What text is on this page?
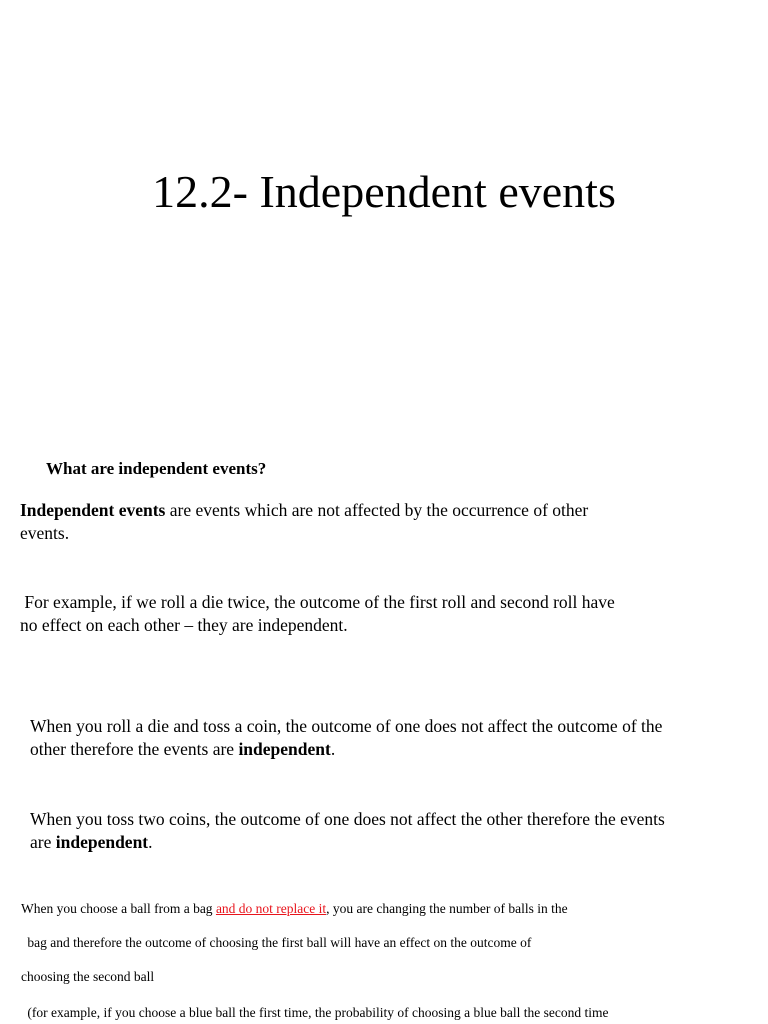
12.2- Independent events

What are independent events?

Independent events are events which are not affected by the occurrence of other
events.

For example, if we roll a die twice, the outcome of the first roll and second roll have
no effect on each other – they are independent.

When you roll a die and toss a coin, the outcome of one does not affect the outcome of the
other therefore the events are independent.

When you toss two coins, the outcome of one does not affect the other therefore the events
are independent.

When you choose a ball from a bag and do not replace it, you are changing the number of balls in the

bag and therefore the outcome of choosing the first ball will have an effect on the outcome of

choosing the second ball

(for example, if you choose a blue ball the first time, the probability of choosing a blue ball the second time
